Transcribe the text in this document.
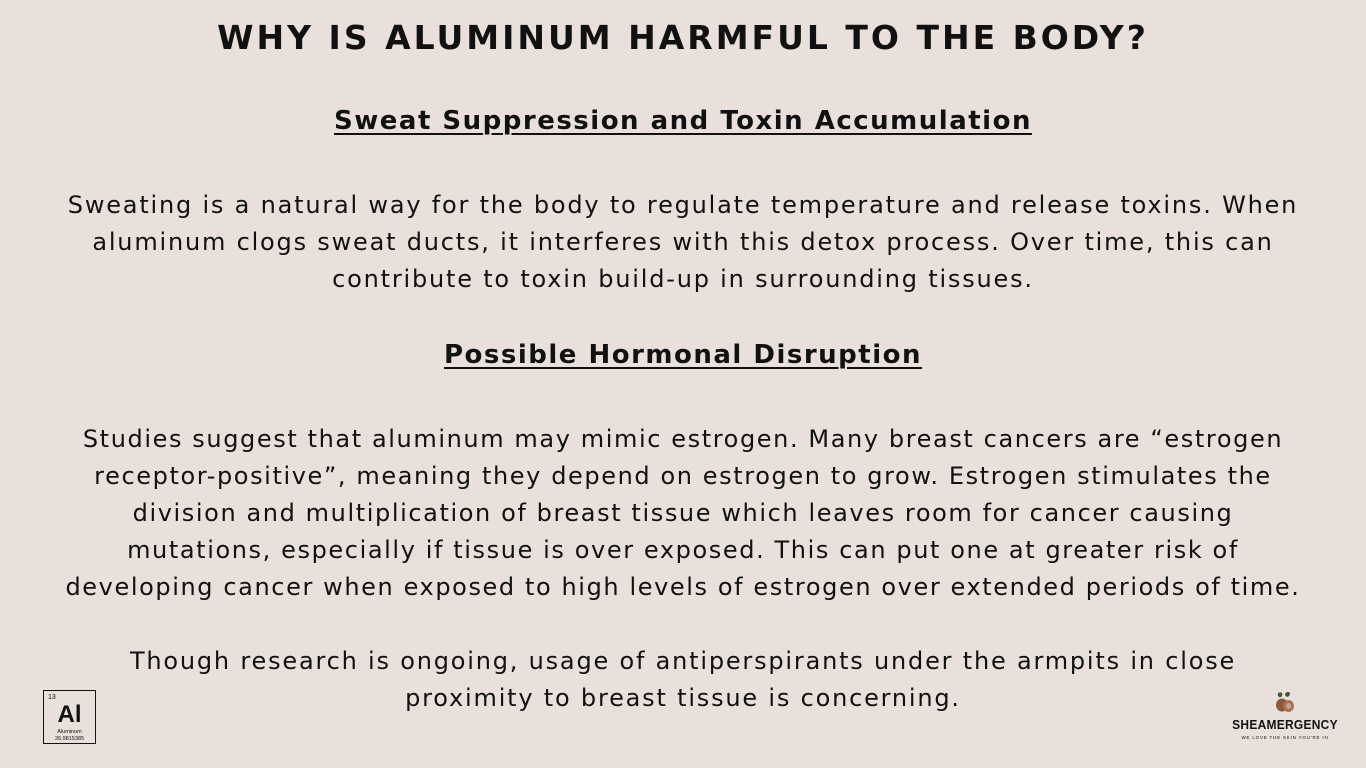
WHY IS ALUMINUM HARMFUL TO THE BODY?
Sweat Suppression and Toxin Accumulation
Sweating is a natural way for the body to regulate temperature and release toxins. When
aluminum clogs sweat ducts, it interferes with this detox process. Over time, this can
contribute to toxin build-up in surrounding tissues.
Possible Hormonal Disruption
Studies suggest that aluminum may mimic estrogen. Many breast cancers are “estrogen
receptor-positive”, meaning they depend on estrogen to grow. Estrogen stimulates the
division and multiplication of breast tissue which leaves room for cancer causing
mutations, especially if tissue is over exposed. This can put one at greater risk of
developing cancer when exposed to high levels of estrogen over extended periods of time.
Though research is ongoing, usage of antiperspirants under the armpits in close
proximity to breast tissue is concerning.
13
Al
Aluminum
26.9815385
SHEAMERGENCY
WE LOVE THE SKIN YOU'RE IN
